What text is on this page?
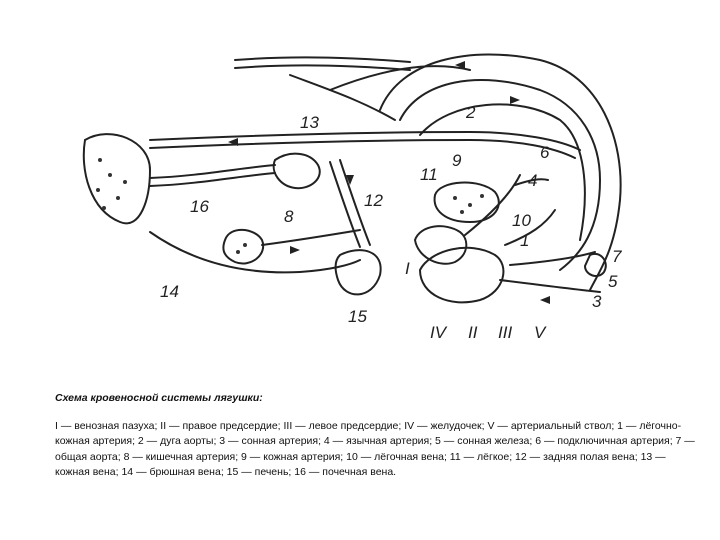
13
2
6
9
11	4
10
16	12
8
1
7
I
5
14
3
15
IV II III V

Схема кровеносной системы лягушки:

I — венозная пазуха; II — правое предсердие; III — левое предсердие; IV — желудочек; V — артериальный ствол; 1 — лёгочно-кожная артерия; 2 — дуга аорты; 3 — сонная артерия; 4 — язычная артерия; 5 — сонная железа; 6 — подключичная артерия; 7 — общая аорта; 8 — кишечная артерия; 9 — кожная артерия; 10 — лёгочная вена; 11 — лёгкое; 12 — задняя полая вена; 13 — кожная вена; 14 — брюшная вена; 15 — печень; 16 — почечная вена.
